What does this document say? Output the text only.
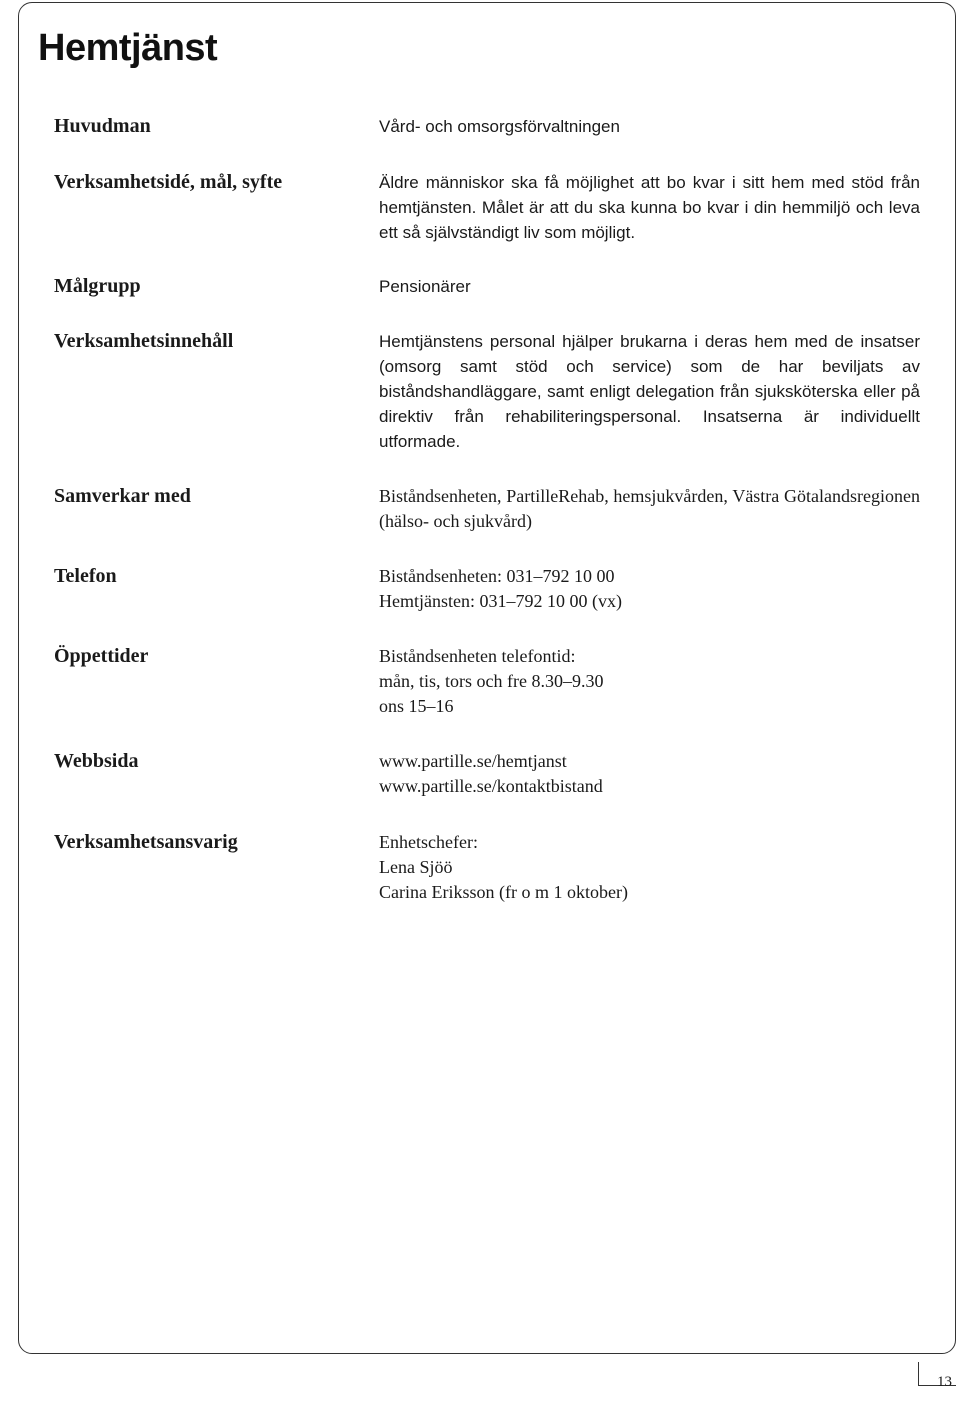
Hemtjänst
Huvudman	Vård- och omsorgsförvaltningen

Verksamhetsidé, mål, syfte	Äldre människor ska få möjlighet att bo kvar i sitt hem med stöd från hemtjänsten. Målet är att du ska kunna bo kvar i din hemmiljö och leva ett så självständigt liv som möjligt.

Målgrupp	Pensionärer

Verksamhetsinnehåll	Hemtjänstens personal hjälper brukarna i deras hem med de insatser (omsorg samt stöd och service) som de har beviljats av biståndshandläggare, samt enligt delegation från sjuksköterska eller på direktiv från rehabiliteringspersonal. Insatserna är individuellt utformade.

Samverkar med	Biståndsenheten, PartilleRehab, hemsjukvården, Västra Götalandsregionen (hälso- och sjukvård)

Telefon	Biståndsenheten: 031–792 10 00
Hemtjänsten: 031–792 10 00 (vx)
Öppettider	Biståndsenheten telefontid:
mån, tis, tors och fre 8.30–9.30
ons 15–16
Webbsida	www.partille.se/hemtjanst
www.partille.se/kontaktbistand
Verksamhetsansvarig	Enhetschefer:
Lena Sjöö
Carina Eriksson (fr o m 1 oktober)
13
